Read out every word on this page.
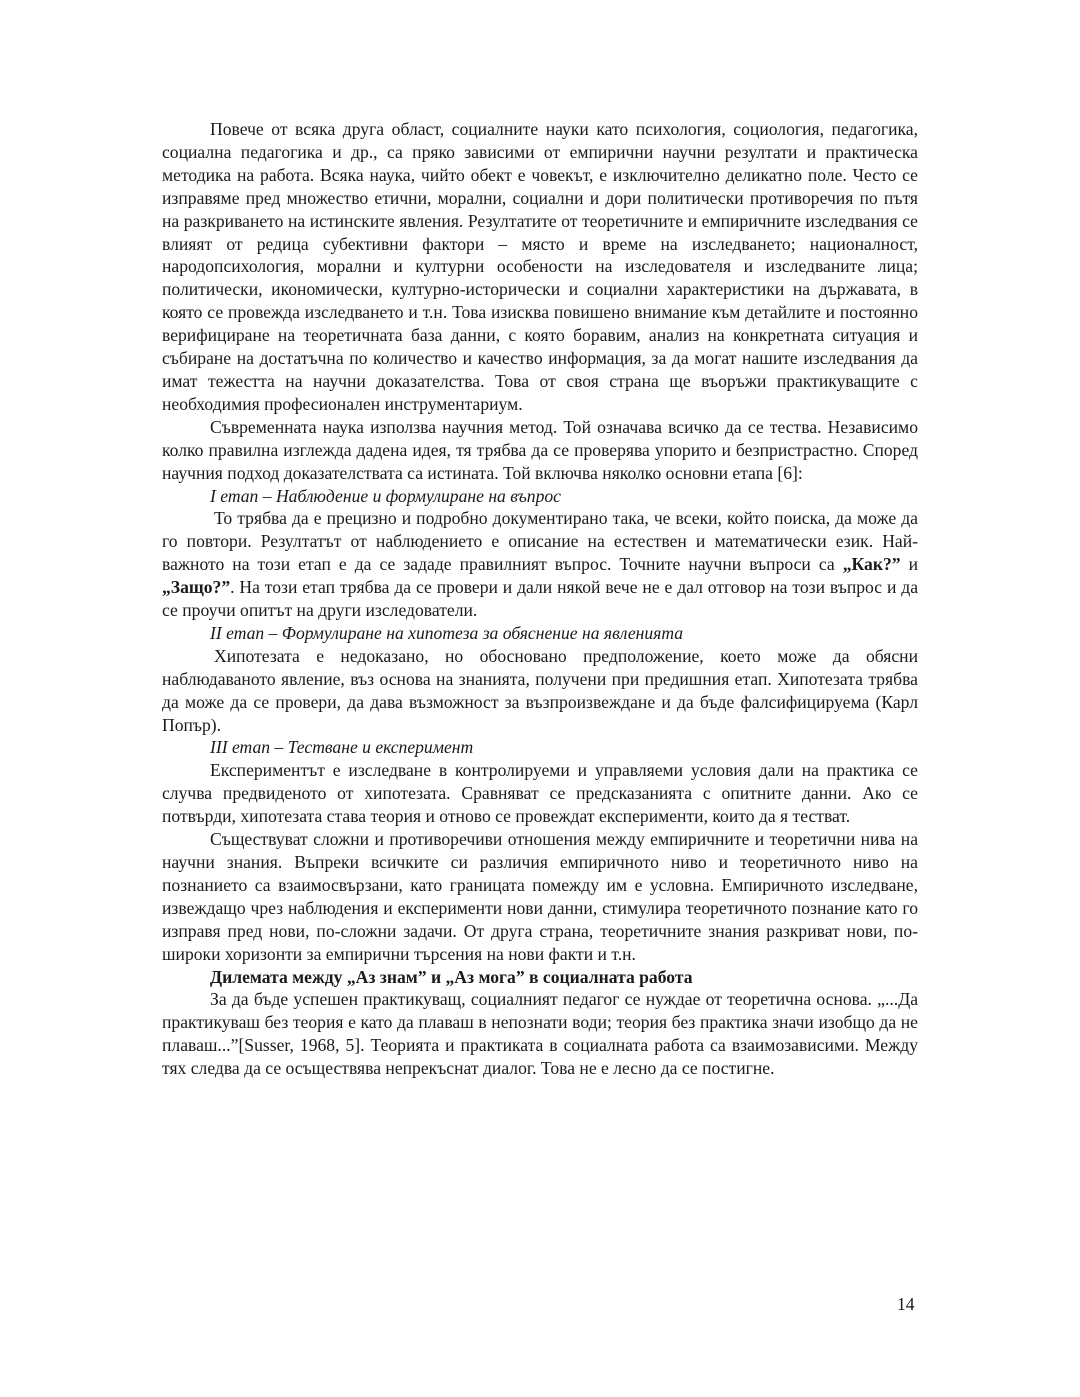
Повече от всяка друга област, социалните науки като психология, социология, педагогика, социална педагогика и др., са пряко зависими от емпирични научни резултати и практическа методика на работа. Всяка наука, чийто обект е човекът, е изключително деликатно поле. Често се изправяме пред множество етични, морални, социални и дори политически противоречия по пътя на разкриването на истинските явления. Резултатите от теоретичните и емпиричните изследвания се влияят от редица субективни фактори – място и време на изследването; националност, народопсихология, морални и културни особености на изследователя и изследваните лица; политически, икономически, културно-исторически и социални характеристики на държавата, в която се провежда изследването и т.н. Това изисква повишено внимание към детайлите и постоянно верифициране на теоретичната база данни, с която боравим, анализ на конкретната ситуация и събиране на достатъчна по количество и качество информация, за да могат нашите изследвания да имат тежестта на научни доказателства. Това от своя страна ще въоръжи практикуващите с необходимия професионален инструментариум.

Съвременната наука използва научния метод. Той означава всичко да се тества. Независимо колко правилна изглежда дадена идея, тя трябва да се проверява упорито и безпристрастно. Според научния подход доказателствата са истината. Той включва няколко основни етапа [6]:

I етап – Наблюдение и формулиране на въпрос

То трябва да е прецизно и подробно документирано така, че всеки, който поиска, да може да го повтори. Резултатът от наблюдението е описание на естествен и математически език. Най-важното на този етап е да се зададе правилният въпрос. Точните научни въпроси са „Как?” и „Защо?”. На този етап трябва да се провери и дали някой вече не е дал отговор на този въпрос и да се проучи опитът на други изследователи.

II етап – Формулиране на хипотеза за обяснение на явленията

Хипотезата е недоказано, но обосновано предположение, което може да обясни наблюдаваното явление, въз основа на знанията, получени при предишния етап. Хипотезата трябва да може да се провери, да дава възможност за възпроизвеждане и да бъде фалсифицируема (Карл Попър).

III етап – Тестване и експеримент

Експериментът е изследване в контролируеми и управляеми условия дали на практика се случва предвиденото от хипотезата. Сравняват се предсказанията с опитните данни. Ако се потвърди, хипотезата става теория и отново се провеждат експерименти, които да я тестват.

Съществуват сложни и противоречиви отношения между емпиричните и теоретични нива на научни знания. Въпреки всичките си различия емпиричното ниво и теоретичното ниво на познанието са взаимосвързани, като границата помежду им е условна. Емпиричното изследване, извеждащо чрез наблюдения и експерименти нови данни, стимулира теоретичното познание като го изправя пред нови, по-сложни задачи. От друга страна, теоретичните знания разкриват нови, по-широки хоризонти за емпирични търсения на нови факти и т.н.

Дилемата между „Аз знам” и „Аз мога” в социалната работа

За да бъде успешен практикуващ, социалният педагог се нуждае от теоретична основа. „...Да практикуваш без теория е като да плаваш в непознати води; теория без практика значи изобщо да не плаваш...”[Susser, 1968, 5]. Теорията и практиката в социалната работа са взаимозависими. Между тях следва да се осъществява непрекъснат диалог. Това не е лесно да се постигне.

14
